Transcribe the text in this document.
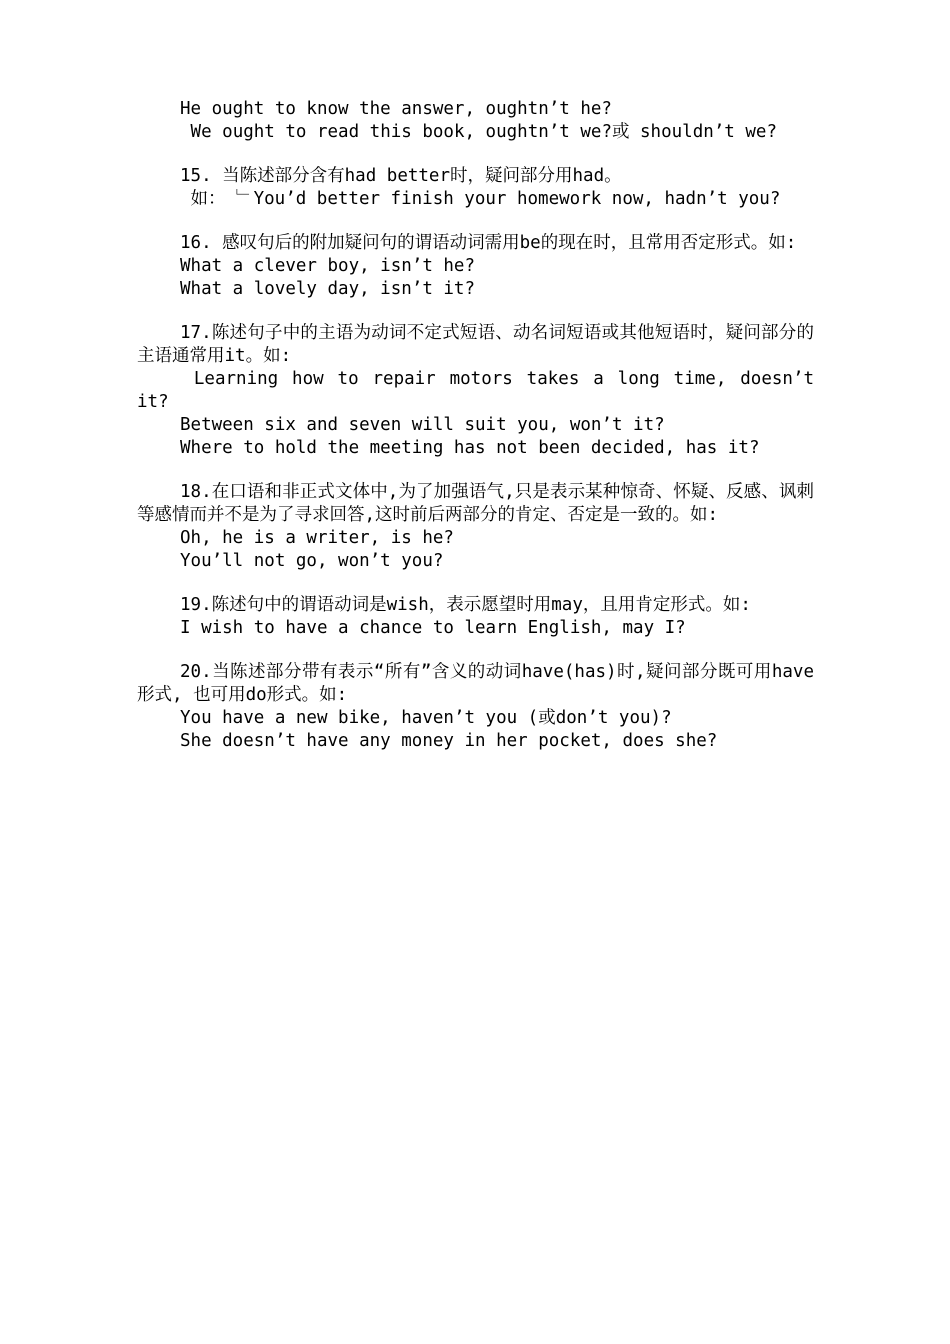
He ought to know the answer, oughtn’t he?

We ought to read this book, oughtn’t we?或 shouldn’t we?

15. 当陈述部分含有had better时，疑问部分用had。

如： ﹂You’d better finish your homework now, hadn’t you?

16. 感叹句后的附加疑问句的谓语动词需用be的现在时，且常用否定形式。如:

What a clever boy, isn’t he?

What a lovely day, isn’t it?

17.陈述句子中的主语为动词不定式短语、动名词短语或其他短语时，疑问部分的主语通常用it。如:

Learning how to repair motors takes a long time, doesn’t it?

Between six and seven will suit you, won’t it?

Where to hold the meeting has not been decided, has it?

18.在口语和非正式文体中,为了加强语气,只是表示某种惊奇、怀疑、反感、讽刺等感情而并不是为了寻求回答,这时前后两部分的肯定、否定是一致的。如:

Oh, he is a writer, is he?

You’ll not go, won’t you?

19.陈述句中的谓语动词是wish，表示愿望时用may，且用肯定形式。如:

I wish to have a chance to learn English, may I?

20.当陈述部分带有表示“所有”含义的动词have(has)时,疑问部分既可用have形式, 也可用do形式。如:

You have a new bike, haven’t you (或don’t you)?

She doesn’t have any money in her pocket, does she?
